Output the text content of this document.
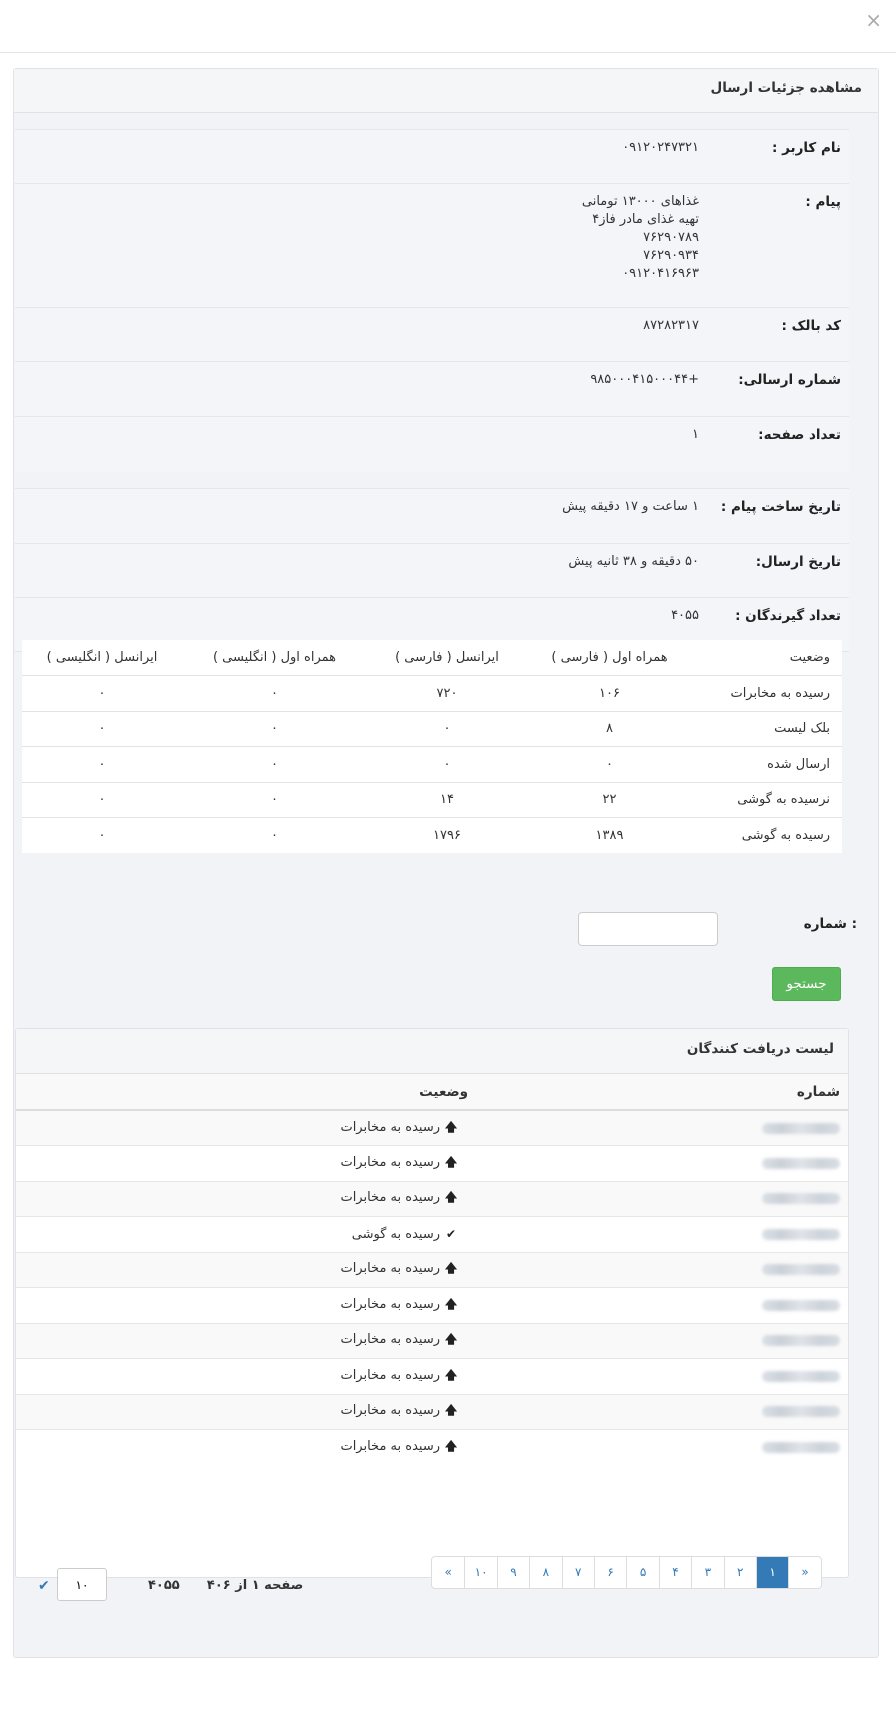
×
مشاهده جزئیات ارسال
نام کاربر :
۰۹۱۲۰۲۴۷۳۲۱
پیام :
غذاهای ۱۳۰۰۰ تومانی
تهیه غذای مادر فاز۴
۷۶۲۹۰۷۸۹
۷۶۲۹۰۹۳۴
۰۹۱۲۰۴۱۶۹۶۳
کد بالک :
۸۷۲۸۲۳۱۷
شماره ارسالی:
+۹۸۵۰۰۰۴۱۵۰۰۰۴۴
تعداد صفحه:
۱
تاریخ ساخت پیام :
۱ ساعت و ۱۷ دقیقه پیش
تاریخ ارسال:
۵۰ دقیقه و ۳۸ ثانیه پیش
تعداد گیرندگان :
۴۰۵۵
وضعیت	همراه اول ( فارسی )	ایرانسل ( فارسی )	همراه اول ( انگلیسی )	ایرانسل ( انگلیسی )
رسیده به مخابرات	۱۰۶	۷۲۰	۰	۰
بلک لیست	۸	۰	۰	۰
ارسال شده	۰	۰	۰	۰
نرسیده به گوشی	۲۲	۱۴	۰	۰
رسیده به گوشی	۱۳۸۹	۱۷۹۶	۰	۰
شماره :
جستجو
لیست دریافت کنندگان
شماره	وضعیت
	🡅رسیده به مخابرات
	🡅رسیده به مخابرات
	🡅رسیده به مخابرات
	✔رسیده به گوشی
	🡅رسیده به مخابرات
	🡅رسیده به مخابرات
	🡅رسیده به مخابرات
	🡅رسیده به مخابرات
	🡅رسیده به مخابرات
	🡅رسیده به مخابرات
«	۱۰	۹	۸	۷	۶	۵	۴	۳	۲	۱	»
صفحه ۱ از ۴۰۶      ۴۰۵۵
۱۰
✔
